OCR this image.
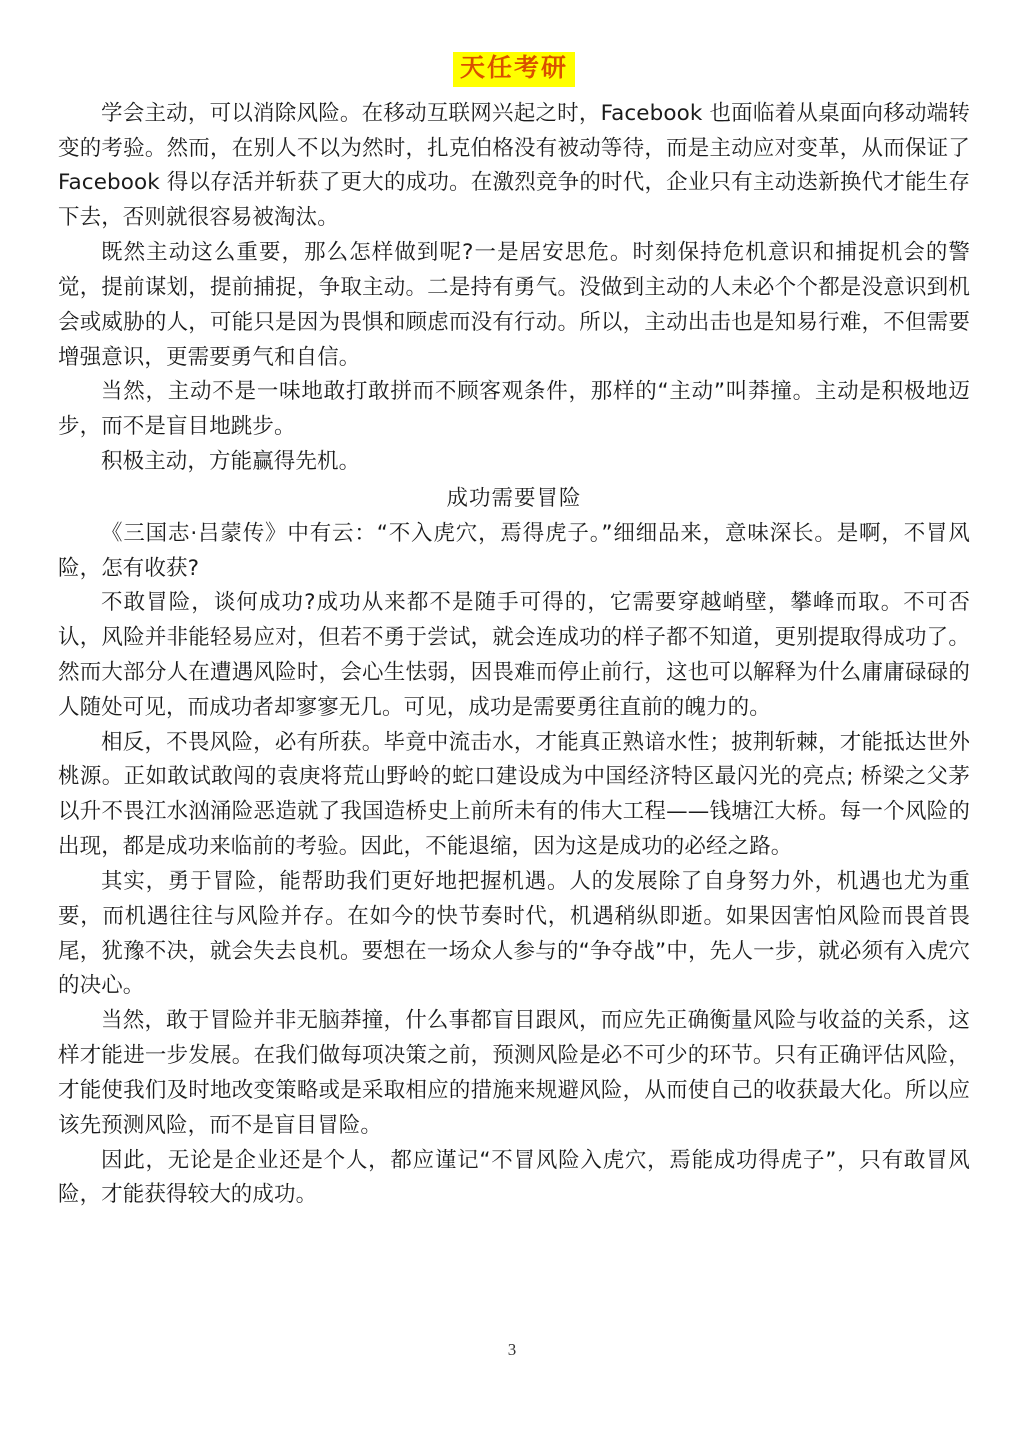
天任考研

学会主动，可以消除风险。在移动互联网兴起之时，Facebook 也面临着从桌面向移动端转变的考验。然而，在别人不以为然时，扎克伯格没有被动等待，而是主动应对变革，从而保证了 Facebook 得以存活并斩获了更大的成功。在激烈竞争的时代，企业只有主动迭新换代才能生存下去，否则就很容易被淘汰。

既然主动这么重要，那么怎样做到呢?一是居安思危。时刻保持危机意识和捕捉机会的警觉，提前谋划，提前捕捉，争取主动。二是持有勇气。没做到主动的人未必个个都是没意识到机会或威胁的人，可能只是因为畏惧和顾虑而没有行动。所以，主动出击也是知易行难，不但需要增强意识，更需要勇气和自信。

当然，主动不是一味地敢打敢拼而不顾客观条件，那样的“主动”叫莽撞。主动是积极地迈步，而不是盲目地跳步。

积极主动，方能赢得先机。

成功需要冒险

《三国志·吕蒙传》中有云：“不入虎穴，焉得虎子。”细细品来，意味深长。是啊，不冒风险，怎有收获?

不敢冒险，谈何成功?成功从来都不是随手可得的，它需要穿越峭壁，攀峰而取。不可否认，风险并非能轻易应对，但若不勇于尝试，就会连成功的样子都不知道，更别提取得成功了。然而大部分人在遭遇风险时，会心生怯弱，因畏难而停止前行，这也可以解释为什么庸庸碌碌的人随处可见，而成功者却寥寥无几。可见，成功是需要勇往直前的魄力的。

相反，不畏风险，必有所获。毕竟中流击水，才能真正熟谙水性；披荆斩棘，才能抵达世外桃源。正如敢试敢闯的袁庚将荒山野岭的蛇口建设成为中国经济特区最闪光的亮点; 桥梁之父茅以升不畏江水汹涌险恶造就了我国造桥史上前所未有的伟大工程——钱塘江大桥。每一个风险的出现，都是成功来临前的考验。因此，不能退缩，因为这是成功的必经之路。

其实，勇于冒险，能帮助我们更好地把握机遇。人的发展除了自身努力外，机遇也尤为重要，而机遇往往与风险并存。在如今的快节奏时代，机遇稍纵即逝。如果因害怕风险而畏首畏尾，犹豫不决，就会失去良机。要想在一场众人参与的“争夺战”中，先人一步，就必须有入虎穴的决心。

当然，敢于冒险并非无脑莽撞，什么事都盲目跟风，而应先正确衡量风险与收益的关系，这样才能进一步发展。在我们做每项决策之前，预测风险是必不可少的环节。只有正确评估风险，才能使我们及时地改变策略或是采取相应的措施来规避风险，从而使自己的收获最大化。所以应该先预测风险，而不是盲目冒险。

因此，无论是企业还是个人，都应谨记“不冒风险入虎穴，焉能成功得虎子”，只有敢冒风险，才能获得较大的成功。

3
